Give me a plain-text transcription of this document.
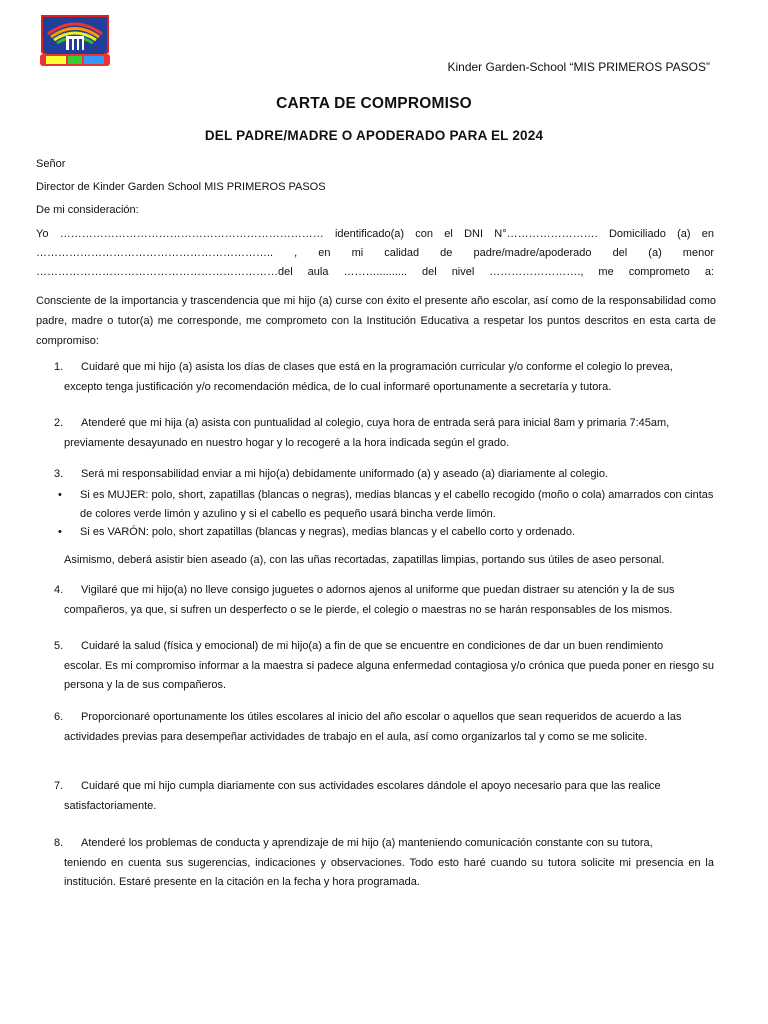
Kinder Garden-School “MIS PRIMEROS PASOS”
CARTA DE COMPROMISO
DEL PADRE/MADRE O APODERADO PARA EL 2024
Señor
Director de Kinder Garden School MIS PRIMEROS PASOS
De mi consideración:
Yo ……………………………………………………………… identificado(a) con el DNI N°……………………. Domiciliado (a) en
……………………………………………………….. , en mi calidad de padre/madre/apoderado del (a) menor
…………………………………………………………del aula ……….......... del nivel ……………………., me comprometo a:
Consciente de la importancia y trascendencia que mi hijo (a) curse con éxito el presente año escolar, así como de la responsabilidad como padre, madre o tutor(a) me corresponde, me comprometo con la Institución Educativa a respetar los puntos descritos en esta carta de compromiso:
1. Cuidaré que mi hijo (a) asista los días de clases que está en la programación curricular y/o conforme el colegio lo prevea,
excepto tenga justificación y/o recomendación médica, de lo cual informaré oportunamente a secretaría y tutora.
2. Atenderé que mi hija (a) asista con puntualidad al colegio, cuya hora de entrada será para inicial 8am y primaria 7:45am,
previamente desayunado en nuestro hogar y lo recogeré a la hora indicada según el grado.
3. Será mi responsabilidad enviar a mi hijo(a) debidamente uniformado (a) y aseado (a) diariamente al colegio.
•	Si es MUJER: polo, short, zapatillas (blancas o negras), medias blancas y el cabello recogido (moño o cola) amarrados con cintas de colores verde limón y azulino y si el cabello es pequeño usará bincha verde limón.
•	Si es VARÓN: polo, short zapatillas (blancas y negras), medias blancas y el cabello corto y ordenado.
Asimismo, deberá asistir bien aseado (a), con las uñas recortadas, zapatillas limpias, portando sus útiles de aseo personal.
4. Vigilaré que mi hijo(a) no lleve consigo juguetes o adornos ajenos al uniforme que puedan distraer su atención y la de sus
compañeros, ya que, si sufren un desperfecto o se le pierde, el colegio o maestras no se harán responsables de los mismos.
5. Cuidaré la salud (física y emocional) de mi hijo(a) a fin de que se encuentre en condiciones de dar un buen rendimiento
escolar. Es mi compromiso informar a la maestra si padece alguna enfermedad contagiosa y/o crónica que pueda poner en riesgo su persona y la de sus compañeros.
6. Proporcionaré oportunamente los útiles escolares al inicio del año escolar o aquellos que sean requeridos de acuerdo a las
actividades previas para desempeñar actividades de trabajo en el aula, así como organizarlos tal y como se me solicite.
7. Cuidaré que mi hijo cumpla diariamente con sus actividades escolares dándole el apoyo necesario para que las realice
satisfactoriamente.
8. Atenderé los problemas de conducta y aprendizaje de mi hijo (a) manteniendo comunicación constante con su tutora,
teniendo en cuenta sus sugerencias, indicaciones y observaciones. Todo esto haré cuando su tutora solicite mi presencia en la institución. Estaré presente en la citación en la fecha y hora programada.
